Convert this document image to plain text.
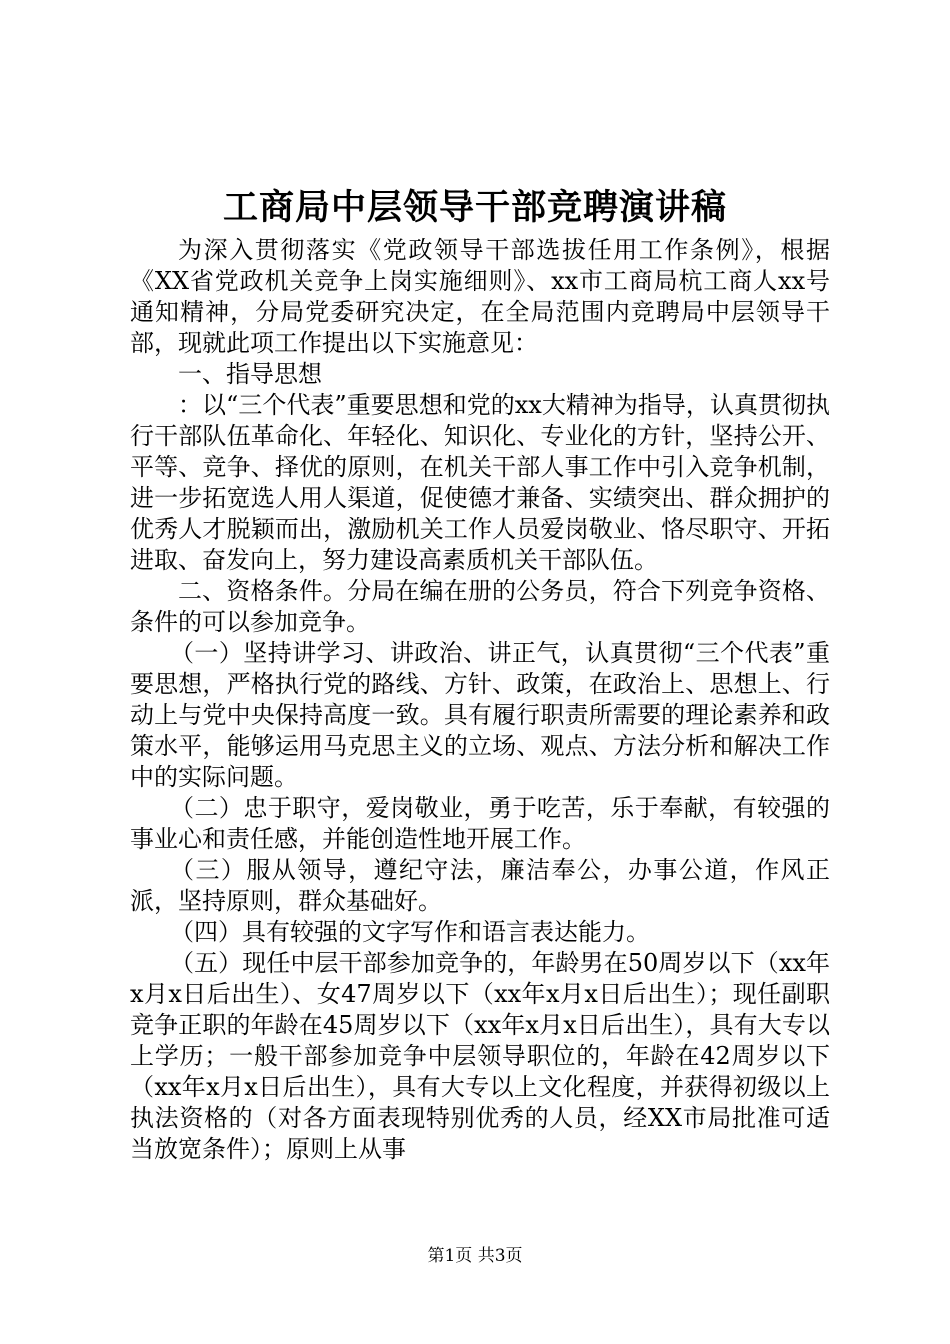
工商局中层领导干部竞聘演讲稿

为深入贯彻落实《党政领导干部选拔任用工作条例》，根据《XX省党政机关竞争上岗实施细则》、xx市工商局杭工商人xx号通知精神，分局党委研究决定，在全局范围内竞聘局中层领导干部，现就此项工作提出以下实施意见：

一、指导思想

：以“三个代表”重要思想和党的xx大精神为指导，认真贯彻执行干部队伍革命化、年轻化、知识化、专业化的方针，坚持公开、平等、竞争、择优的原则，在机关干部人事工作中引入竞争机制，进一步拓宽选人用人渠道，促使德才兼备、实绩突出、群众拥护的优秀人才脱颖而出，激励机关工作人员爱岗敬业、恪尽职守、开拓进取、奋发向上，努力建设高素质机关干部队伍。

二、资格条件。分局在编在册的公务员，符合下列竞争资格、条件的可以参加竞争。

（一）坚持讲学习、讲政治、讲正气，认真贯彻“三个代表”重要思想，严格执行党的路线、方针、政策，在政治上、思想上、行动上与党中央保持高度一致。具有履行职责所需要的理论素养和政策水平，能够运用马克思主义的立场、观点、方法分析和解决工作中的实际问题。

（二）忠于职守，爱岗敬业，勇于吃苦，乐于奉献，有较强的事业心和责任感，并能创造性地开展工作。

（三）服从领导，遵纪守法，廉洁奉公，办事公道，作风正派，坚持原则，群众基础好。

（四）具有较强的文字写作和语言表达能力。

（五）现任中层干部参加竞争的，年龄男在50周岁以下（xx年x月x日后出生）、女47周岁以下（xx年x月x日后出生）；现任副职竞争正职的年龄在45周岁以下（xx年x月x日后出生），具有大专以上学历；一般干部参加竞争中层领导职位的，年龄在42周岁以下（xx年x月x日后出生），具有大专以上文化程度，并获得初级以上执法资格的（对各方面表现特别优秀的人员，经XX市局批准可适当放宽条件）；原则上从事

第1页 共3页
